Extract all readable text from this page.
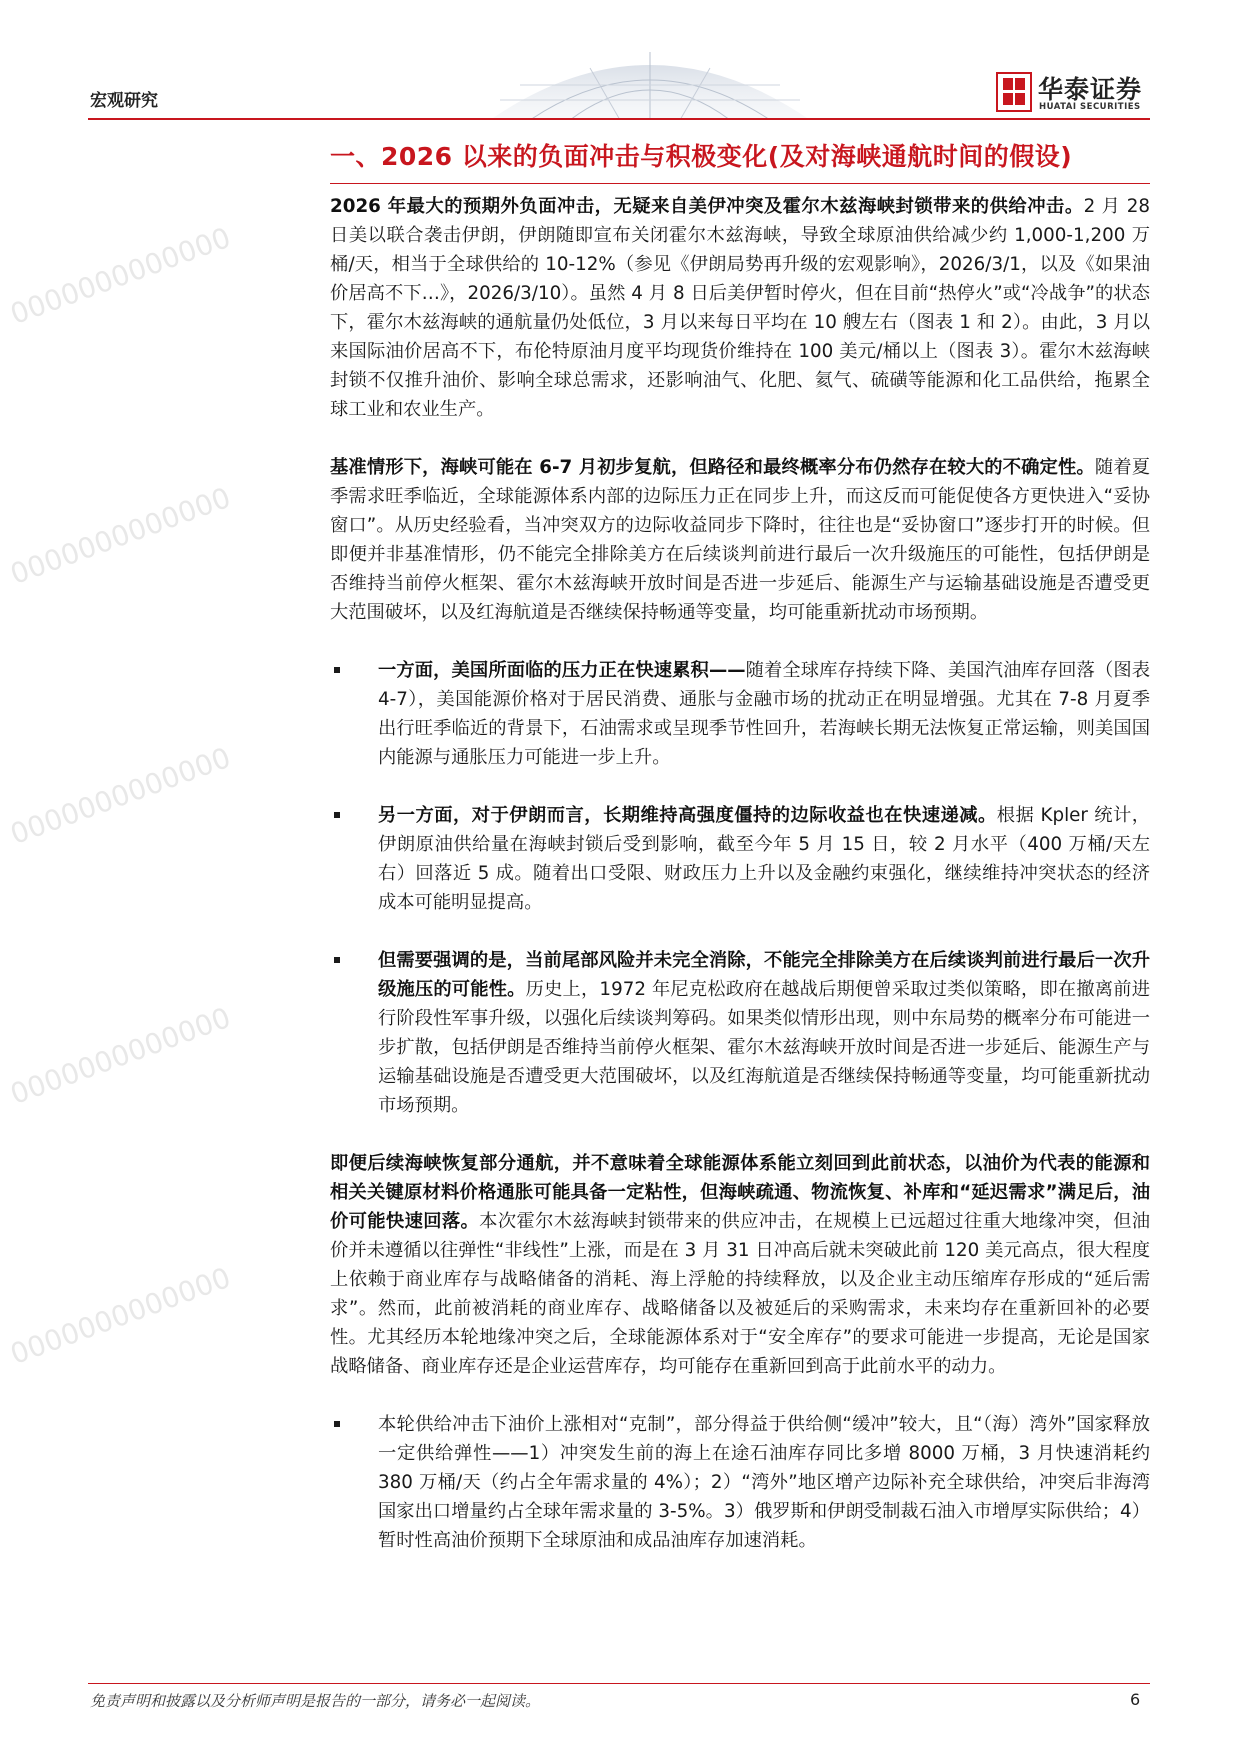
宏观研究	华泰证券
HUATAI SECURITIES
一、2026 以来的负面冲击与积极变化(及对海峡通航时间的假设)
0000000000000
0000000000000
0000000000000
0000000000000
0000000000000

2026 年最大的预期外负面冲击，无疑来自美伊冲突及霍尔木兹海峡封锁带来的供给冲击。2 月 28 日美以联合袭击伊朗，伊朗随即宣布关闭霍尔木兹海峡，导致全球原油供给减少约 1,000-1,200 万桶/天，相当于全球供给的 10-12%（参见《伊朗局势再升级的宏观影响》，2026/3/1，以及《如果油价居高不下…》，2026/3/10）。虽然 4 月 8 日后美伊暂时停火，但在目前“热停火”或“冷战争”的状态下，霍尔木兹海峡的通航量仍处低位，3 月以来每日平均在 10 艘左右（图表 1 和 2）。由此，3 月以来国际油价居高不下，布伦特原油月度平均现货价维持在 100 美元/桶以上（图表 3）。霍尔木兹海峡封锁不仅推升油价、影响全球总需求，还影响油气、化肥、氦气、硫磺等能源和化工品供给，拖累全球工业和农业生产。

基准情形下，海峡可能在 6-7 月初步复航，但路径和最终概率分布仍然存在较大的不确定性。随着夏季需求旺季临近，全球能源体系内部的边际压力正在同步上升，而这反而可能促使各方更快进入“妥协窗口”。从历史经验看，当冲突双方的边际收益同步下降时，往往也是“妥协窗口”逐步打开的时候。但即便并非基准情形，仍不能完全排除美方在后续谈判前进行最后一次升级施压的可能性，包括伊朗是否维持当前停火框架、霍尔木兹海峡开放时间是否进一步延后、能源生产与运输基础设施是否遭受更大范围破坏，以及红海航道是否继续保持畅通等变量，均可能重新扰动市场预期。

一方面，美国所面临的压力正在快速累积——随着全球库存持续下降、美国汽油库存回落（图表 4-7），美国能源价格对于居民消费、通胀与金融市场的扰动正在明显增强。尤其在 7-8 月夏季出行旺季临近的背景下，石油需求或呈现季节性回升，若海峡长期无法恢复正常运输，则美国国内能源与通胀压力可能进一步上升。

另一方面，对于伊朗而言，长期维持高强度僵持的边际收益也在快速递减。根据 Kpler 统计，伊朗原油供给量在海峡封锁后受到影响，截至今年 5 月 15 日，较 2 月水平（400 万桶/天左右）回落近 5 成。随着出口受限、财政压力上升以及金融约束强化，继续维持冲突状态的经济成本可能明显提高。

但需要强调的是，当前尾部风险并未完全消除，不能完全排除美方在后续谈判前进行最后一次升级施压的可能性。历史上，1972 年尼克松政府在越战后期便曾采取过类似策略，即在撤离前进行阶段性军事升级，以强化后续谈判筹码。如果类似情形出现，则中东局势的概率分布可能进一步扩散，包括伊朗是否维持当前停火框架、霍尔木兹海峡开放时间是否进一步延后、能源生产与运输基础设施是否遭受更大范围破坏，以及红海航道是否继续保持畅通等变量，均可能重新扰动市场预期。

即便后续海峡恢复部分通航，并不意味着全球能源体系能立刻回到此前状态，以油价为代表的能源和相关关键原材料价格通胀可能具备一定粘性，但海峡疏通、物流恢复、补库和“延迟需求”满足后，油价可能快速回落。本次霍尔木兹海峡封锁带来的供应冲击，在规模上已远超过往重大地缘冲突，但油价并未遵循以往弹性“非线性”上涨，而是在 3 月 31 日冲高后就未突破此前 120 美元高点，很大程度上依赖于商业库存与战略储备的消耗、海上浮舱的持续释放，以及企业主动压缩库存形成的“延后需求”。然而，此前被消耗的商业库存、战略储备以及被延后的采购需求，未来均存在重新回补的必要性。尤其经历本轮地缘冲突之后，全球能源体系对于“安全库存”的要求可能进一步提高，无论是国家战略储备、商业库存还是企业运营库存，均可能存在重新回到高于此前水平的动力。

本轮供给冲击下油价上涨相对“克制”，部分得益于供给侧“缓冲”较大，且“（海）湾外”国家释放一定供给弹性——1）冲突发生前的海上在途石油库存同比多增 8000 万桶，3 月快速消耗约 380 万桶/天（约占全年需求量的 4%）；2）“湾外”地区增产边际补充全球供给，冲突后非海湾国家出口增量约占全球年需求量的 3-5%。3）俄罗斯和伊朗受制裁石油入市增厚实际供给；4）暂时性高油价预期下全球原油和成品油库存加速消耗。

免责声明和披露以及分析师声明是报告的一部分，请务必一起阅读。	6
